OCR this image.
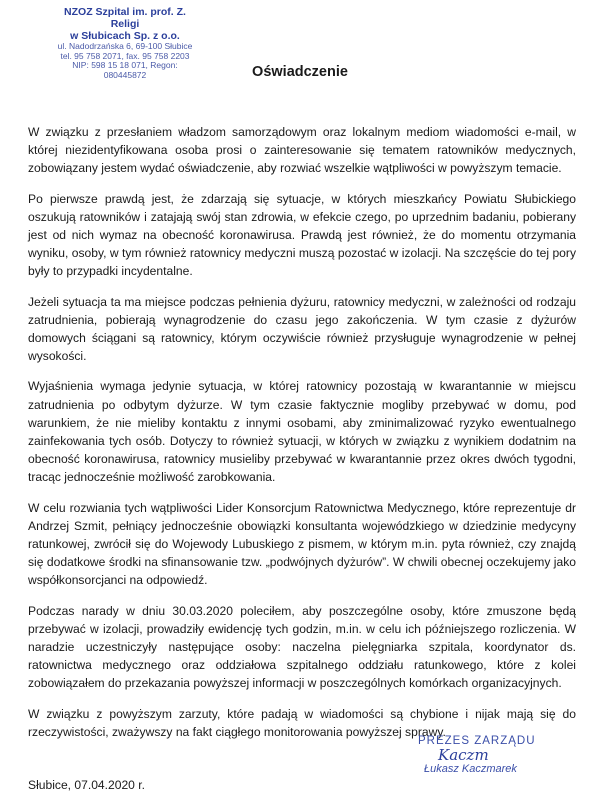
NZOZ Szpital im. prof. Z. Religi
w Słubicach Sp. z o.o.
ul. Nadodrzańska 6, 69-100 Słubice
tel. 95 758 2071, fax. 95 758 2203
NIP: 598 15 18 071, Regon: 080445872	Oświadczenie

W związku z przesłaniem władzom samorządowym oraz lokalnym mediom wiadomości e-mail, w której niezidentyfikowana osoba prosi o zainteresowanie się tematem ratowników medycznych, zobowiązany jestem wydać oświadczenie, aby rozwiać wszelkie wątpliwości w powyższym temacie.

Po pierwsze prawdą jest, że zdarzają się sytuacje, w których mieszkańcy Powiatu Słubickiego oszukują ratowników i zatajają swój stan zdrowia, w efekcie czego, po uprzednim badaniu, pobierany jest od nich wymaz na obecność koronawirusa. Prawdą jest również, że do momentu otrzymania wyniku, osoby, w tym również ratownicy medyczni muszą pozostać w izolacji. Na szczęście do tej pory były to przypadki incydentalne.

Jeżeli sytuacja ta ma miejsce podczas pełnienia dyżuru, ratownicy medyczni, w zależności od rodzaju zatrudnienia, pobierają wynagrodzenie do czasu jego zakończenia. W tym czasie z dyżurów domowych ściągani są ratownicy, którym oczywiście również przysługuje wynagrodzenie w pełnej wysokości.

Wyjaśnienia wymaga jedynie sytuacja, w której ratownicy pozostają w kwarantannie w miejscu zatrudnienia po odbytym dyżurze. W tym czasie faktycznie mogliby przebywać w domu, pod warunkiem, że nie mieliby kontaktu z innymi osobami, aby zminimalizować ryzyko ewentualnego zainfekowania tych osób. Dotyczy to również sytuacji, w których w związku z wynikiem dodatnim na obecność koronawirusa, ratownicy musieliby przebywać w kwarantannie przez okres dwóch tygodni, tracąc jednocześnie możliwość zarobkowania.

W celu rozwiania tych wątpliwości Lider Konsorcjum Ratownictwa Medycznego, które reprezentuje dr Andrzej Szmit, pełniący jednocześnie obowiązki konsultanta wojewódzkiego w dziedzinie medycyny ratunkowej, zwrócił się do Wojewody Lubuskiego z pismem, w którym m.in. pyta również, czy znajdą się dodatkowe środki na sfinansowanie tzw. „podwójnych dyżurów”. W chwili obecnej oczekujemy jako współkonsorcjanci na odpowiedź.

Podczas narady w dniu 30.03.2020 poleciłem, aby poszczególne osoby, które zmuszone będą przebywać w izolacji, prowadziły ewidencję tych godzin, m.in. w celu ich późniejszego rozliczenia. W naradzie uczestniczyły następujące osoby: naczelna pielęgniarka szpitala, koordynator ds. ratownictwa medycznego oraz oddziałowa szpitalnego oddziału ratunkowego, które z kolei zobowiązałem do przekazania powyższej informacji w poszczególnych komórkach organizacyjnych.

W związku z powyższym zarzuty, które padają w wiadomości są chybione i nijak mają się do rzeczywistości, zważywszy na fakt ciągłego monitorowania powyższej sprawy.

PREZES ZARZĄDU
Kaczm
Łukasz Kaczmarek
Słubice, 07.04.2020 r.
